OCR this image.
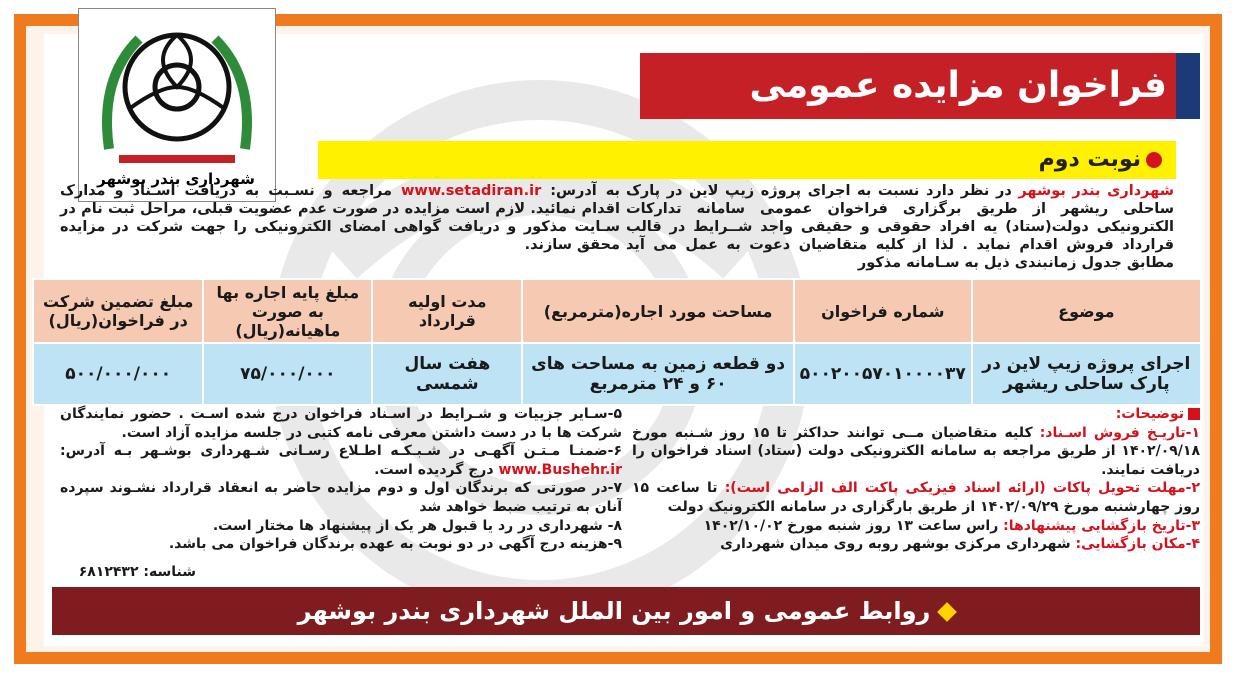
فراخوان مزایده عمومی
نوبت دوم
شهرداری بندر بوشهر
شهرداری بندر بوشهر در نظر دارد نسبت به اجرای پروژه زیپ لاین در پارک ساحلی ریشهر از طریق برگزاری فراخوان عمومی سامانه تدارکات الکترونیکی دولت(ستاد) یه افراد حقوقی و حقیقی واجد شــرایط در قالب قرارداد فروش اقدام نماید . لذا از کلیه متقاضیان دعوت به عمل می آید مطابق جدول زمانبندی ذیل به سـامانه مذکور
به آدرس: www.setadiran.ir مراجعه و نسـبت به دریافت اسـناد و مدارک اقدام نمائید. لازم است مزایده در صورت عدم عضویت قبلی، مراحل ثبت نام در سـایت مذکور و دریافت گواهی امضای الکترونیکی را جهت شرکت در مزایده محقق سازند.
موضوع	شماره فراخوان	مساحت مورد اجاره(مترمربع)	مدت اولیه قرارداد	مبلغ پایه اجاره بها به صورت ماهیانه(ریال)	مبلغ تضمین شرکت در فراخوان(ریال)
اجرای پروژه زیپ لاین در پارک ساحلی ریشهر	۵۰۰۲۰۰۵۷۰۱۰۰۰۰۳۷	دو قطعه زمین به مساحت های ۶۰ و ۲۴ مترمربع	هفت سال شمسی	۷۵/۰۰۰/۰۰۰	۵۰۰/۰۰۰/۰۰۰
توضیحات:
۱-تاریـخ فروش اسـناد: کلیه متقاضیان مــی توانند حداکثر تا ۱۵ روز شـنبه مورخ ۱۴۰۲/۰۹/۱۸ از طریق مراجعه به سامانه الکترونیکی دولت (ستاد) اسناد فراخوان را دریافت نمایند.
۲-مهلت تحویل پاکات (ارائه اسناد فیزیکی پاکت الف الزامی است): تا ساعت ۱۵ روز چهارشنبه مورخ ۱۴۰۲/۰۹/۲۹ از طریق بارگزاری در سامانه الکترونیک دولت
۳-تاریخ بازگشایی پیشنهادها: راس ساعت ۱۳ روز شنبه مورخ ۱۴۰۲/۱۰/۰۲
۴-مکان بازگشایی: شهرداری مرکزی بوشهر روبه روی میدان شهرداری
۵-سـایر جزییات و شـرایط در اسـناد فراخوان درج شده اسـت . حضور نمایندگان شرکت ها با در دست داشتن معرفی نامه کتبی در جلسه مزایده آزاد است.
۶-ضمنـا مـتـن آگهـی در شـبـکـه اطـلاع رسـانی شـهرداری بوشـهر بـه آدرس: www.Bushehr.ir درج گردیده است.
۷-در صورتی که برندگان اول و دوم مزایده حاضر به انعقاد قرارداد نشـوند سپرده آنان به ترتیب ضبط خواهد شد
۸- شهرداری در رد یا قبول هر یک از پیشنهاد ها مختار است.
۹-هزینه درج آگهی در دو نوبت به عهده برندگان فراخوان می باشد.
شناسه: ۶۸۱۲۴۳۲
روابط عمومی و امور بین الملل شهرداری بندر بوشهر
